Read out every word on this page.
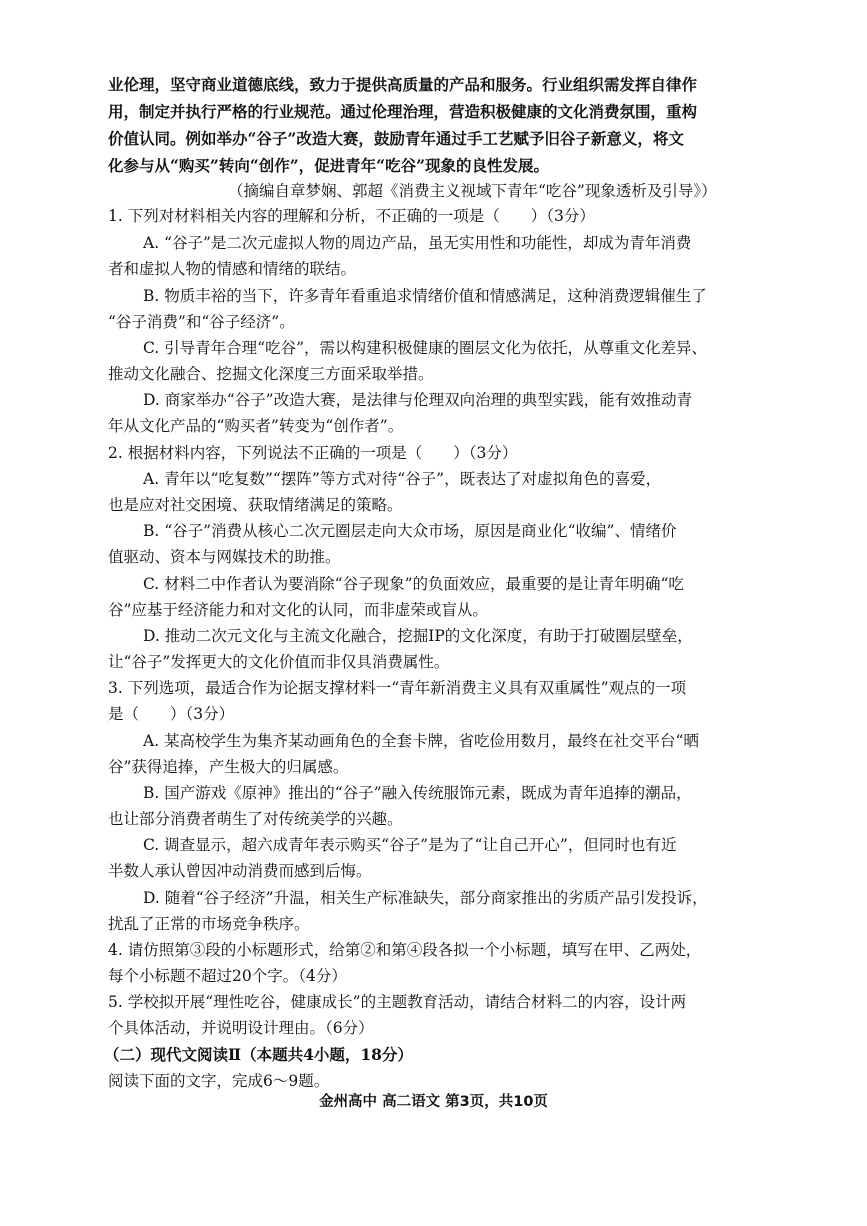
业伦理，坚守商业道德底线，致力于提供高质量的产品和服务。行业组织需发挥自律作
用，制定并执行严格的行业规范。通过伦理治理，营造积极健康的文化消费氛围，重构
价值认同。例如举办“谷子”改造大赛，鼓励青年通过手工艺赋予旧谷子新意义，将文
化参与从“购买”转向“创作”，促进青年“吃谷”现象的良性发展。
（摘编自章梦娴、郭超《消费主义视域下青年“吃谷”现象透析及引导》）
1. 下列对材料相关内容的理解和分析，不正确的一项是（　　）（3分）
A. “谷子”是二次元虚拟人物的周边产品，虽无实用性和功能性，却成为青年消费
者和虚拟人物的情感和情绪的联结。
B. 物质丰裕的当下，许多青年看重追求情绪价值和情感满足，这种消费逻辑催生了
“谷子消费”和“谷子经济”。
C. 引导青年合理“吃谷”，需以构建积极健康的圈层文化为依托，从尊重文化差异、
推动文化融合、挖掘文化深度三方面采取举措。
D. 商家举办“谷子”改造大赛，是法律与伦理双向治理的典型实践，能有效推动青
年从文化产品的“购买者”转变为“创作者”。
2. 根据材料内容，下列说法不正确的一项是（　　）（3分）
A. 青年以“吃复数”“摆阵”等方式对待“谷子”，既表达了对虚拟角色的喜爱，
也是应对社交困境、获取情绪满足的策略。
B. “谷子”消费从核心二次元圈层走向大众市场，原因是商业化“收编”、情绪价
值驱动、资本与网媒技术的助推。
C. 材料二中作者认为要消除“谷子现象”的负面效应，最重要的是让青年明确“吃
谷”应基于经济能力和对文化的认同，而非虚荣或盲从。
D. 推动二次元文化与主流文化融合，挖掘IP的文化深度，有助于打破圈层壁垒，
让“谷子”发挥更大的文化价值而非仅具消费属性。
3. 下列选项，最适合作为论据支撑材料一“青年新消费主义具有双重属性”观点的一项
是（　　）（3分）
A. 某高校学生为集齐某动画角色的全套卡牌，省吃俭用数月，最终在社交平台“晒
谷”获得追捧，产生极大的归属感。
B. 国产游戏《原神》推出的“谷子”融入传统服饰元素，既成为青年追捧的潮品，
也让部分消费者萌生了对传统美学的兴趣。
C. 调查显示，超六成青年表示购买“谷子”是为了“让自己开心”，但同时也有近
半数人承认曾因冲动消费而感到后悔。
D. 随着“谷子经济”升温，相关生产标准缺失，部分商家推出的劣质产品引发投诉，
扰乱了正常的市场竞争秩序。
4. 请仿照第③段的小标题形式，给第②和第④段各拟一个小标题，填写在甲、乙两处，
每个小标题不超过20个字。（4分）
5. 学校拟开展“理性吃谷，健康成长”的主题教育活动，请结合材料二的内容，设计两
个具体活动，并说明设计理由。（6分）
（二）现代文阅读Ⅱ（本题共4小题，18分）
阅读下面的文字，完成6～9题。
金州高中 高二语文 第3页，共10页
